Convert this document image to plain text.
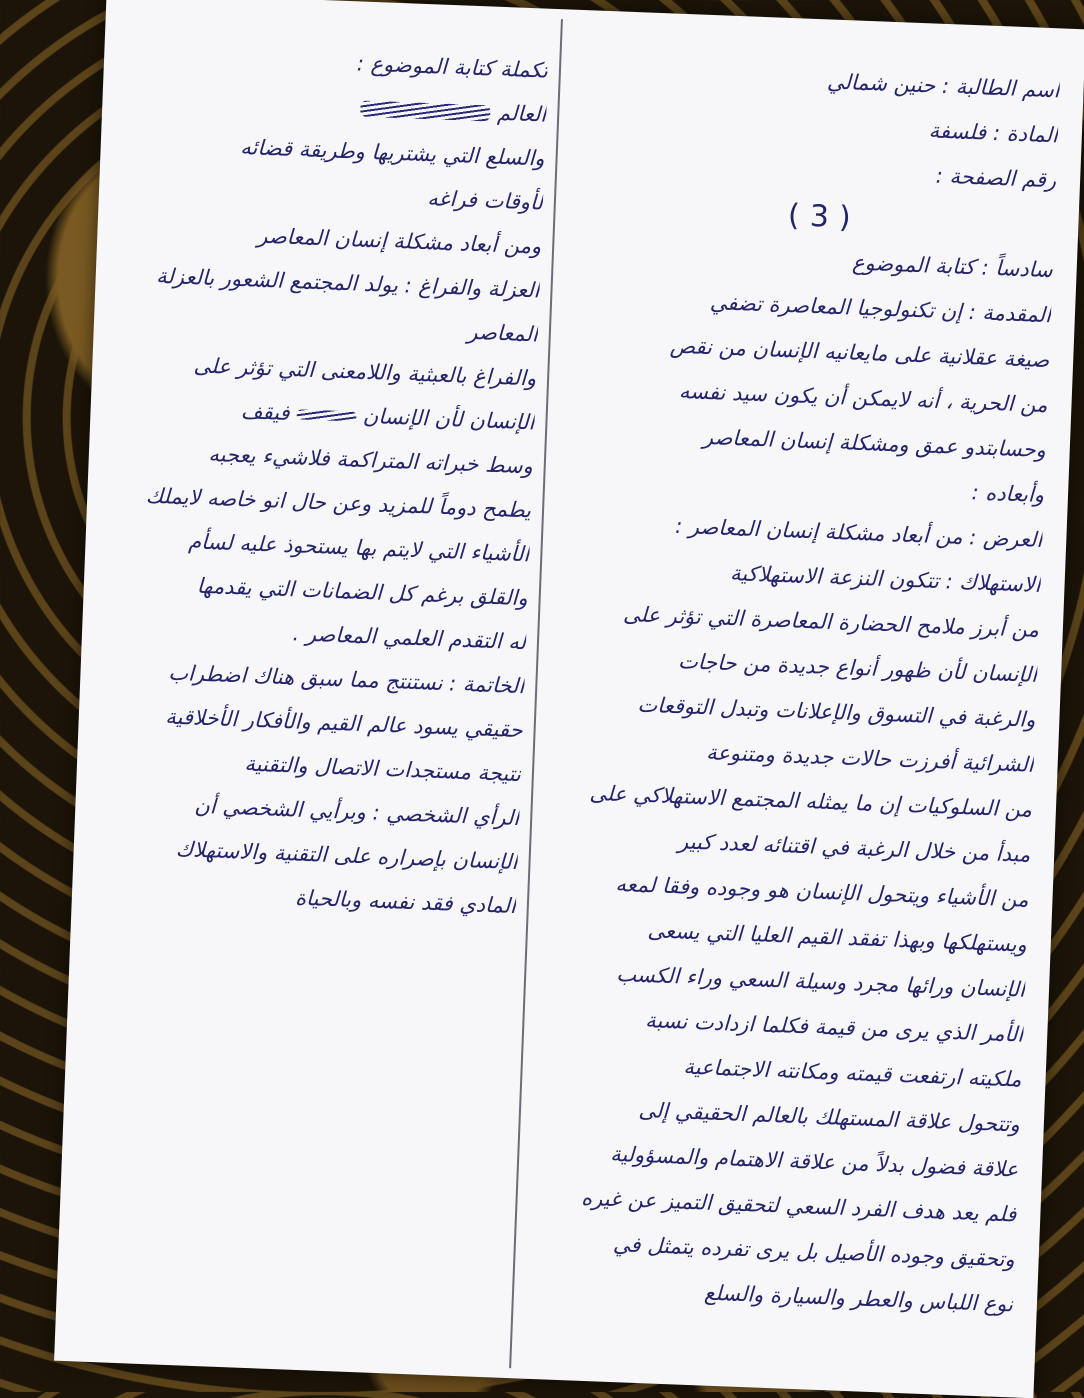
اسم الطالبة : حنين شمالي
المادة : فلسفة
رقم الصفحة :
( 3 )
سادساً : كتابة الموضوع
المقدمة : إن تكنولوجيا المعاصرة تضفي
صيغة عقلانية على مايعانيه الإنسان من نقص
من الحرية ، أنه لايمكن أن يكون سيد نفسه
وحسابتدو عمق ومشكلة إنسان المعاصر
وأبعاده :
العرض : من أبعاد مشكلة إنسان المعاصر :
الاستهلاك : تتكون النزعة الاستهلاكية
من أبرز ملامح الحضارة المعاصرة التي تؤثر على
الإنسان لأن ظهور أنواع جديدة من حاجات
والرغبة في التسوق والإعلانات وتبدل التوقعات
الشرائية أفرزت حالات جديدة ومتنوعة
من السلوكيات إن ما يمثله المجتمع الاستهلاكي على
مبدأ من خلال الرغبة في اقتنائه لعدد كبير
من الأشياء ويتحول الإنسان هو وجوده وفقا لمعه
ويستهلكها وبهذا تفقد القيم العليا التي يسعى
الإنسان ورائها مجرد وسيلة السعي وراء الكسب
الأمر الذي يرى من قيمة فكلما ازدادت نسبة
ملكيته ارتفعت قيمته ومكانته الاجتماعية
وتتحول علاقة المستهلك بالعالم الحقيقي إلى
علاقة فضول بدلاً من علاقة الاهتمام والمسؤولية
فلم يعد هدف الفرد السعي لتحقيق التميز عن غيره
وتحقيق وجوده الأصيل بل يرى تفرده يتمثل في
نوع اللباس والعطر والسيارة والسلع
تكملة كتابة الموضوع :
العالم
والسلع التي يشتريها وطريقة قضائه
لأوقات فراغه
ومن أبعاد مشكلة إنسان المعاصر
العزلة والفراغ : يولد المجتمع الشعور بالعزلة
المعاصر
والفراغ بالعبثية واللامعنى التي تؤثر على
الإنسان لأن الإنسان  فيقف
وسط خبراته المتراكمة فلاشيء يعجبه
يطمح دوماً للمزيد وعن حال انو خاصه لايملك
الأشياء التي لايتم بها يستحوذ عليه لسأم
والقلق برغم كل الضمانات التي يقدمها
له التقدم العلمي المعاصر .
الخاتمة : نستنتج مما سبق هناك اضطراب
حقيقي يسود عالم القيم والأفكار الأخلاقية
نتيجة مستجدات الاتصال والتقنية
الرأي الشخصي : وبرأيي الشخصي أن
الإنسان بإصراره على التقنية والاستهلاك
المادي فقد نفسه وبالحياة
